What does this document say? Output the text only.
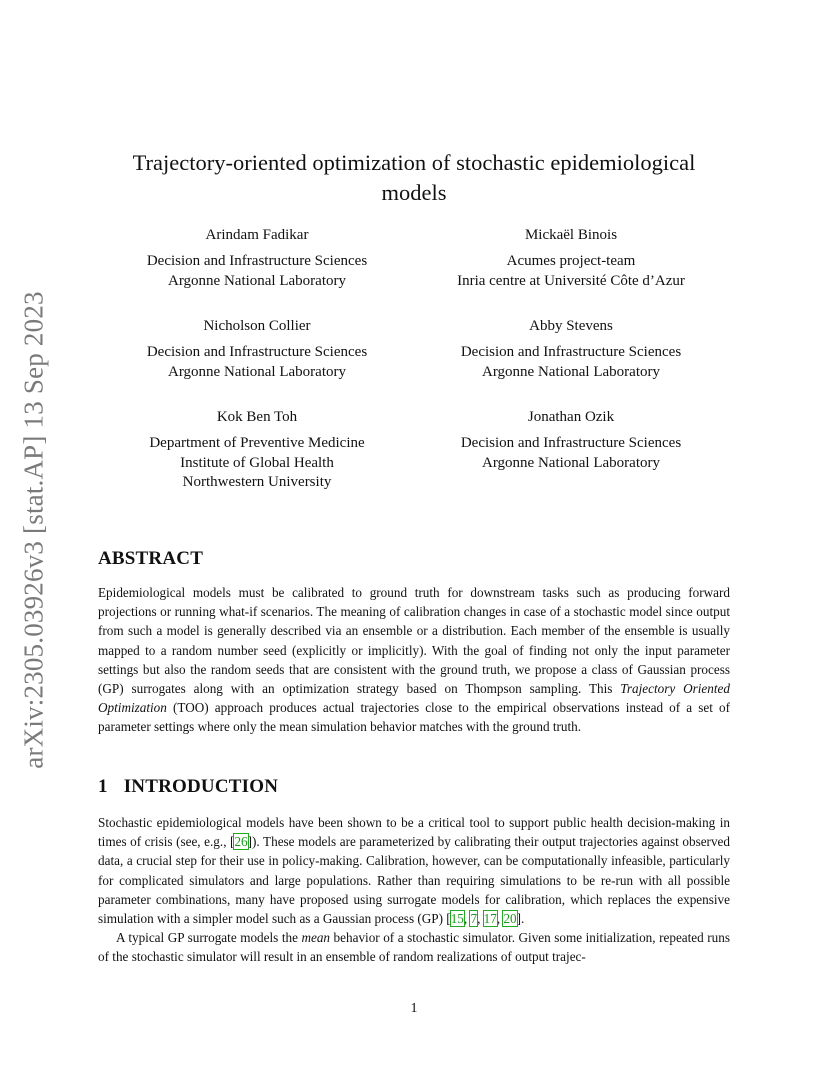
arXiv:2305.03926v3 [stat.AP] 13 Sep 2023
Trajectory-oriented optimization of stochastic epidemiological models
Arindam Fadikar
Decision and Infrastructure Sciences
Argonne National Laboratory
Mickaël Binois
Acumes project-team
Inria centre at Université Côte d’Azur
Nicholson Collier
Decision and Infrastructure Sciences
Argonne National Laboratory
Abby Stevens
Decision and Infrastructure Sciences
Argonne National Laboratory
Kok Ben Toh
Department of Preventive Medicine
Institute of Global Health
Northwestern University
Jonathan Ozik
Decision and Infrastructure Sciences
Argonne National Laboratory
ABSTRACT
Epidemiological models must be calibrated to ground truth for downstream tasks such as producing forward projections or running what-if scenarios. The meaning of calibration changes in case of a stochastic model since output from such a model is generally described via an ensemble or a distribution. Each member of the ensemble is usually mapped to a random number seed (explicitly or implicitly). With the goal of finding not only the input parameter settings but also the random seeds that are consistent with the ground truth, we propose a class of Gaussian process (GP) surrogates along with an optimization strategy based on Thompson sampling. This Trajectory Oriented Optimization (TOO) approach produces actual trajectories close to the empirical observations instead of a set of parameter settings where only the mean simulation behavior matches with the ground truth.
1 INTRODUCTION

Stochastic epidemiological models have been shown to be a critical tool to support public health decision-making in times of crisis (see, e.g., [26]). These models are parameterized by calibrating their output trajectories against observed data, a crucial step for their use in policy-making. Calibration, however, can be computationally infeasible, particularly for complicated simulators and large populations. Rather than requiring simulations to be re-run with all possible parameter combinations, many have proposed using surrogate models for calibration, which replaces the expensive simulation with a simpler model such as a Gaussian process (GP) [15, 7, 17, 20].

A typical GP surrogate models the mean behavior of a stochastic simulator. Given some initialization, repeated runs of the stochastic simulator will result in an ensemble of random realizations of output trajec-

1
